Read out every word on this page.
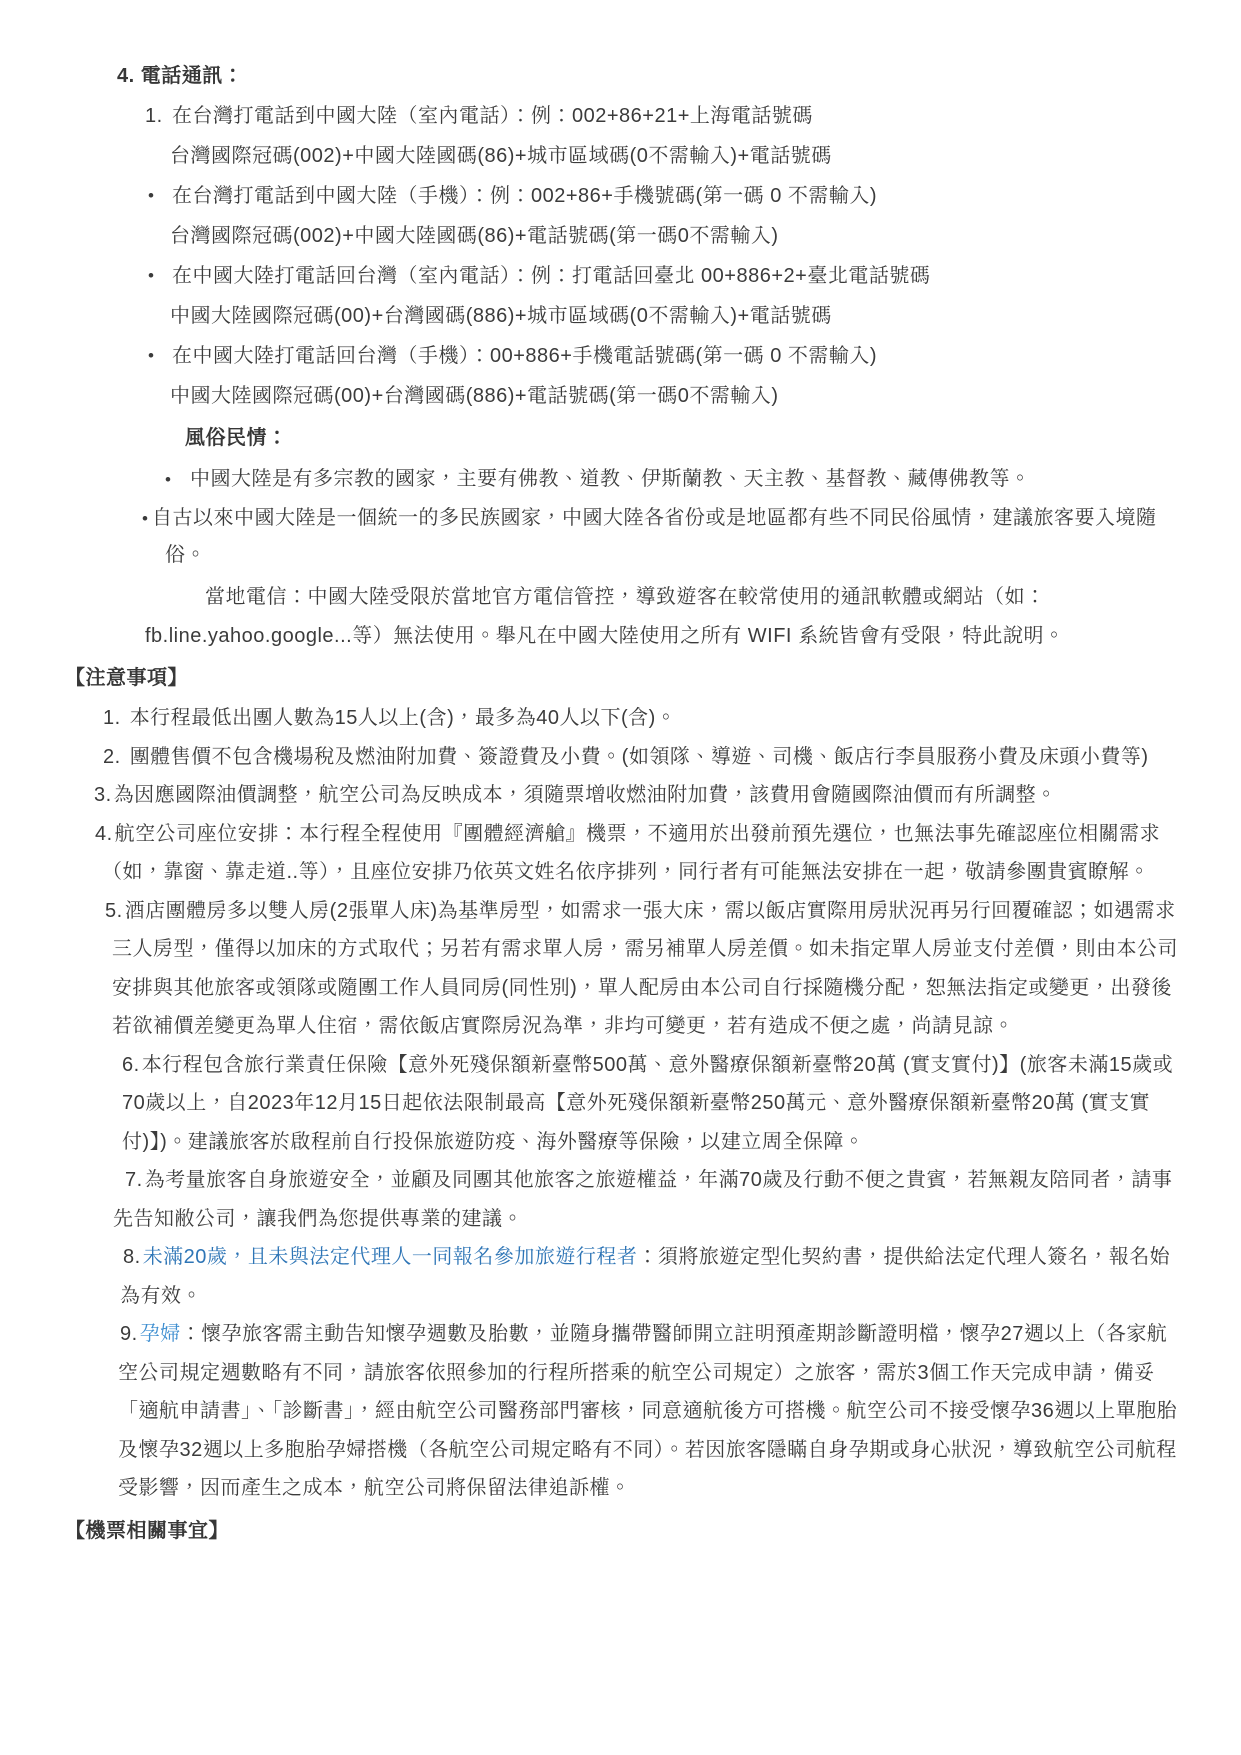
4. 電話通訊：
1. 在台灣打電話到中國大陸（室內電話）：例：002+86+21+上海電話號碼
台灣國際冠碼(002)+中國大陸國碼(86)+城市區域碼(0不需輸入)+電話號碼
• 在台灣打電話到中國大陸（手機）：例：002+86+手機號碼(第一碼 0 不需輸入)
台灣國際冠碼(002)+中國大陸國碼(86)+電話號碼(第一碼0不需輸入)
• 在中國大陸打電話回台灣（室內電話）：例：打電話回臺北 00+886+2+臺北電話號碼
中國大陸國際冠碼(00)+台灣國碼(886)+城市區域碼(0不需輸入)+電話號碼
• 在中國大陸打電話回台灣（手機）：00+886+手機電話號碼(第一碼 0 不需輸入)
中國大陸國際冠碼(00)+台灣國碼(886)+電話號碼(第一碼0不需輸入)
風俗民情：
• 中國大陸是有多宗教的國家，主要有佛教、道教、伊斯蘭教、天主教、基督教、藏傳佛教等。
• 自古以來中國大陸是一個統一的多民族國家，中國大陸各省份或是地區都有些不同民俗風情，建議旅客要入境隨俗。
當地電信：中國大陸受限於當地官方電信管控，導致遊客在較常使用的通訊軟體或網站（如：fb.line.yahoo.google...等）無法使用。舉凡在中國大陸使用之所有 WIFI 系統皆會有受限，特此說明。
【注意事項】
1. 本行程最低出團人數為15人以上(含)，最多為40人以下(含)。
2. 團體售價不包含機場稅及燃油附加費、簽證費及小費。(如領隊、導遊、司機、飯店行李員服務小費及床頭小費等)
3. 為因應國際油價調整，航空公司為反映成本，須隨票增收燃油附加費，該費用會隨國際油價而有所調整。
4. 航空公司座位安排：本行程全程使用『團體經濟艙』機票，不適用於出發前預先選位，也無法事先確認座位相關需求（如，靠窗、靠走道..等），且座位安排乃依英文姓名依序排列，同行者有可能無法安排在一起，敬請參團貴賓瞭解。
5. 酒店團體房多以雙人房(2張單人床)為基準房型，如需求一張大床，需以飯店實際用房狀況再另行回覆確認；如遇需求三人房型，僅得以加床的方式取代；另若有需求單人房，需另補單人房差價。如未指定單人房並支付差價，則由本公司安排與其他旅客或領隊或隨團工作人員同房(同性別)，單人配房由本公司自行採隨機分配，恕無法指定或變更，出發後若欲補價差變更為單人住宿，需依飯店實際房況為準，非均可變更，若有造成不便之處，尚請見諒。
6. 本行程包含旅行業責任保險【意外死殘保額新臺幣500萬、意外醫療保額新臺幣20萬 (實支實付)】(旅客未滿15歲或70歲以上，自2023年12月15日起依法限制最高【意外死殘保額新臺幣250萬元、意外醫療保額新臺幣20萬 (實支實付)】)。建議旅客於啟程前自行投保旅遊防疫、海外醫療等保險，以建立周全保障。
7. 為考量旅客自身旅遊安全，並顧及同團其他旅客之旅遊權益，年滿70歲及行動不便之貴賓，若無親友陪同者，請事先告知敝公司，讓我們為您提供專業的建議。
8. 未滿20歲，且未與法定代理人一同報名參加旅遊行程者：須將旅遊定型化契約書，提供給法定代理人簽名，報名始為有效。
9. 孕婦：懷孕旅客需主動告知懷孕週數及胎數，並隨身攜帶醫師開立註明預產期診斷證明檔，懷孕27週以上（各家航空公司規定週數略有不同，請旅客依照參加的行程所搭乘的航空公司規定）之旅客，需於3個工作天完成申請，備妥「適航申請書」、「診斷書」，經由航空公司醫務部門審核，同意適航後方可搭機。航空公司不接受懷孕36週以上單胞胎及懷孕32週以上多胞胎孕婦搭機（各航空公司規定略有不同）。若因旅客隱瞞自身孕期或身心狀況，導致航空公司航程受影響，因而產生之成本，航空公司將保留法律追訴權。
【機票相關事宜】
